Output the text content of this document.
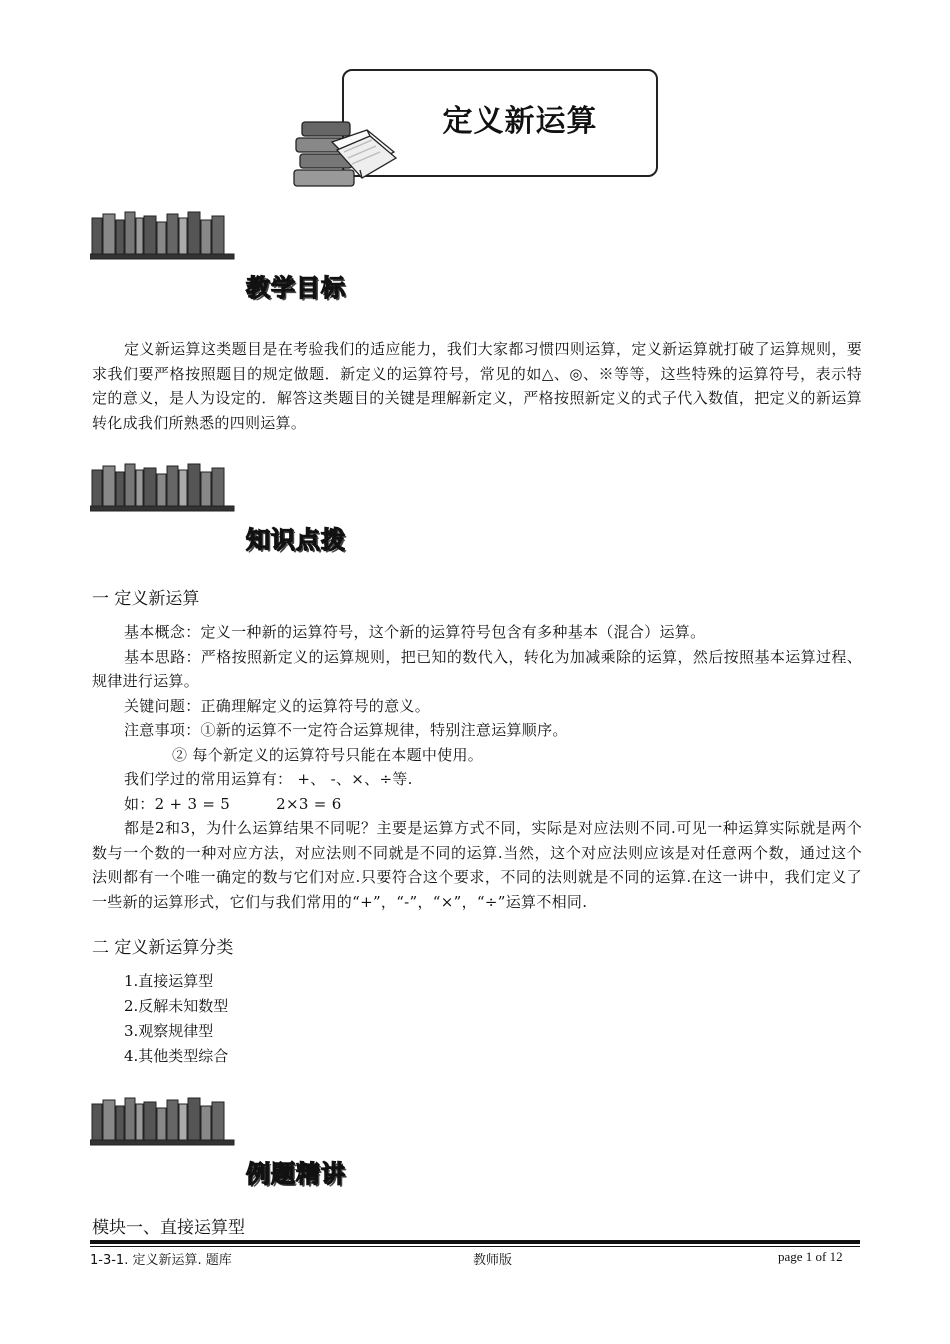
定义新运算
教学目标

定义新运算这类题目是在考验我们的适应能力，我们大家都习惯四则运算，定义新运算就打破了运算规则，要求我们要严格按照题目的规定做题．新定义的运算符号，常见的如△、◎、※等等，这些特殊的运算符号，表示特定的意义，是人为设定的．解答这类题目的关键是理解新定义，严格按照新定义的式子代入数值，把定义的新运算转化成我们所熟悉的四则运算。

知识点拨
一 定义新运算

基本概念：定义一种新的运算符号，这个新的运算符号包含有多种基本（混合）运算。

基本思路：严格按照新定义的运算规则，把已知的数代入，转化为加减乘除的运算，然后按照基本运算过程、规律进行运算。

关键问题：正确理解定义的运算符号的意义。

注意事项：①新的运算不一定符合运算规律，特别注意运算顺序。

② 每个新定义的运算符号只能在本题中使用。

我们学过的常用运算有： +、 -、×、÷等.

如：2 + 3 = 5	2×3 = 6

都是2和3，为什么运算结果不同呢？主要是运算方式不同，实际是对应法则不同.可见一种运算实际就是两个数与一个数的一种对应方法，对应法则不同就是不同的运算.当然，这个对应法则应该是对任意两个数，通过这个法则都有一个唯一确定的数与它们对应.只要符合这个要求，不同的法则就是不同的运算.在这一讲中，我们定义了一些新的运算形式，它们与我们常用的“+”，“-”，“×”，“÷”运算不相同.

二 定义新运算分类
1.直接运算型
2.反解未知数型
3.观察规律型
4.其他类型综合
例题精讲
模块一、直接运算型
1-3-1. 定义新运算. 题库	教师版	page 1 of 12
